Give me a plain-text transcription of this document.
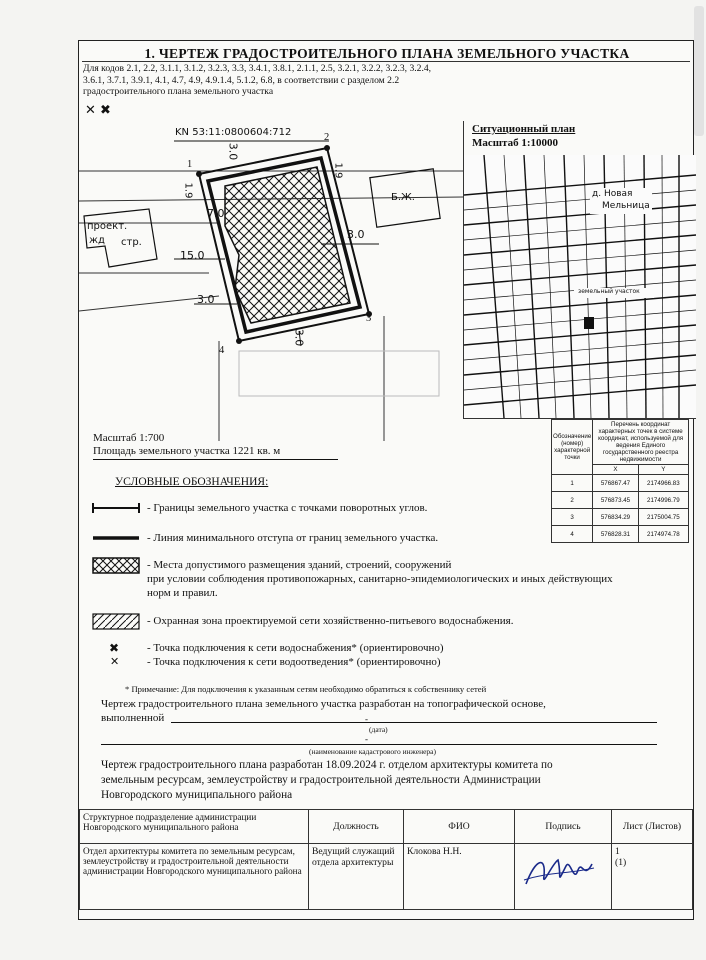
1. ЧЕРТЕЖ ГРАДОСТРОИТЕЛЬНОГО ПЛАНА ЗЕМЕЛЬНОГО УЧАСТКА
Для кодов 2.1, 2.2, 3.1.1, 3.1.2, 3.2.3, 3.3, 3.4.1, 3.8.1, 2.1.1, 2.5, 3.2.1, 3.2.2, 3.2.3, 3.2.4,
3.6.1, 3.7.1, 3.9.1, 4.1, 4.7, 4.9, 4.9.1.4, 5.1.2, 6.8, в соответствии с разделом 2.2
градостроительного плана земельного участка
✕ ✖
KN 53:11:0800604:712
1
2
3
4
3.0
1.9
1.9
7.0
3.0
15.0
3.0
3.0
Б.Ж.
проект.
жд стр.
Ситуационный план
Масштаб 1:10000
д. Новая
Мельница
земельный участок
Масштаб 1:700
Площадь земельного участка 1221 кв. м
Обозначение (номер) характерной точки	Перечень координат характерных точек в системе координат, используемой для ведения Единого государственного реестра недвижимости	
	X	Y
1	576867.47	2174966.83
2	576873.45	2174996.79
3	576834.29	2175004.75
4	576828.31	2174974.78
УСЛОВНЫЕ ОБОЗНАЧЕНИЯ:
- Границы земельного участка с точками поворотных углов.
- Линия минимального отступа от границ земельного участка.
- Места допустимого размещения зданий, строений, сооружений
при условии соблюдения противопожарных, санитарно-эпидемиологических и иных действующих
норм и правил.
- Охранная зона проектируемой сети хозяйственно-питьевого водоснабжения.
✖
✕
- Точка подключения к сети водоснабжения* (ориентировочно)
- Точка подключения к сети водоотведения* (ориентировочно)
* Примечание: Для подключения к указанным сетям необходимо обратиться к собственнику сетей
Чертеж градостроительного плана земельного участка разработан на топографической основе,
выполненной	-
(дата)
-
(наименование кадастрового инженера)
Чертеж градостроительного плана разработан 18.09.2024 г. отделом архитектуры комитета по
земельным ресурсам, землеустройству и градостроительной деятельности Администрации
Новгородского муниципального района
Структурное подразделение администрации Новгородского муниципального района	Должность	ФИО	Подпись	Лист (Листов)
Отдел архитектуры комитета по земельным ресурсам, землеустройству и градостроительной деятельности администрации Новгородского муниципального района	Ведущий служащий отдела архитектуры	Клокова Н.Н.		1
(1)
